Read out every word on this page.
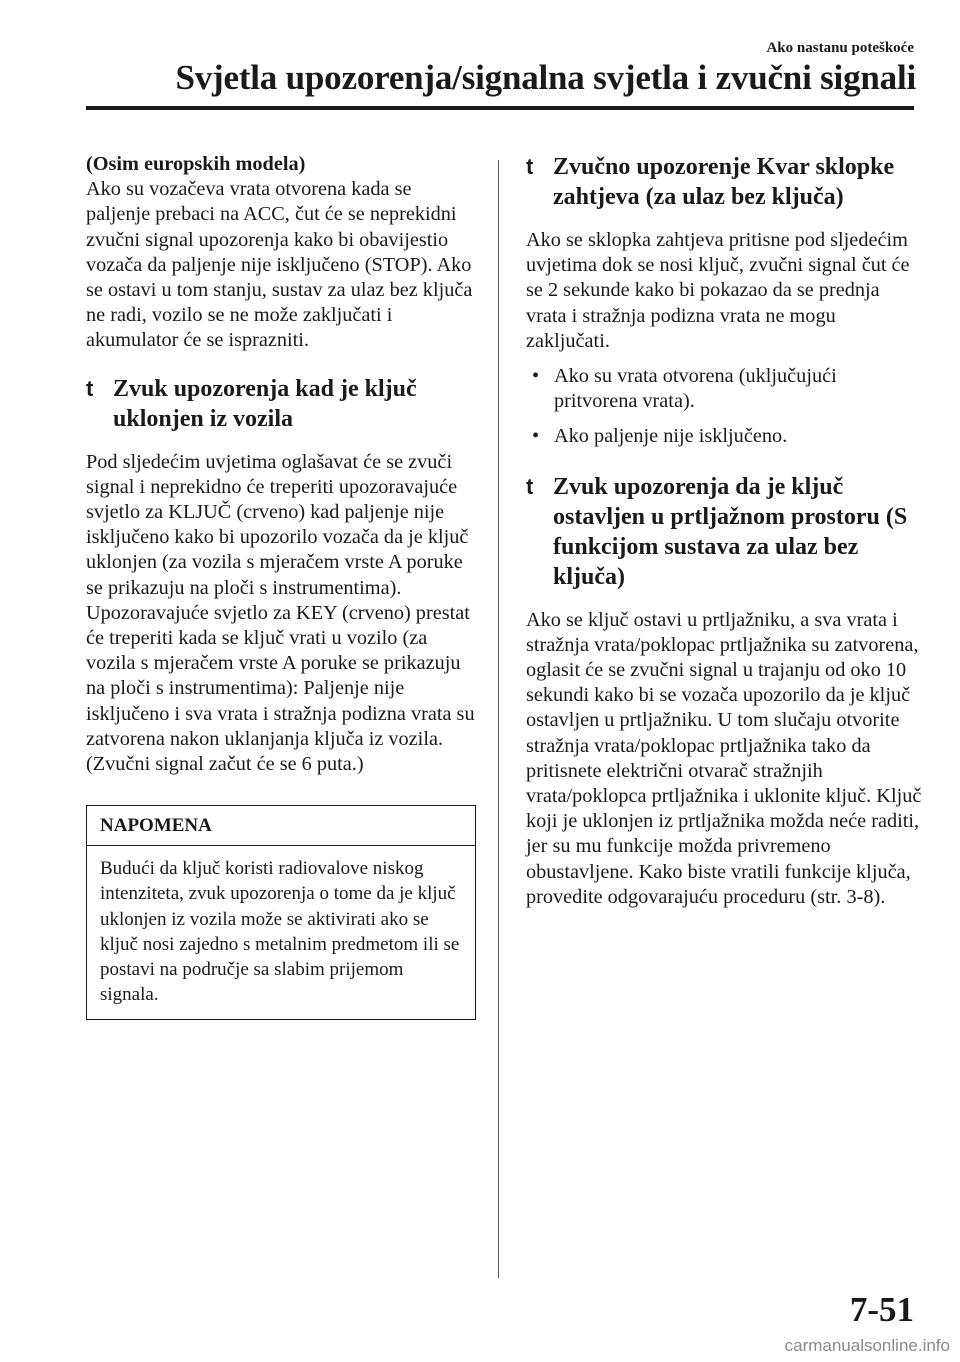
Ako nastanu poteškoće
Svjetla upozorenja/signalna svjetla i zvučni signali

(Osim europskih modela)
Ako su vozačeva vrata otvorena kada se paljenje prebaci na ACC, čut će se neprekidni zvučni signal upozorenja kako bi obavijestio vozača da paljenje nije isključeno (STOP). Ako se ostavi u tom stanju, sustav za ulaz bez ključa ne radi, vozilo se ne može zaključati i akumulator će se isprazniti.

t Zvuk upozorenja kad je ključ uklonjen iz vozila

Pod sljedećim uvjetima oglašavat će se zvuči signal i neprekidno će treperiti upozoravajuće svjetlo za KLJUČ (crveno) kad paljenje nije isključeno kako bi upozorilo vozača da je ključ uklonjen (za vozila s mjeračem vrste A poruke se prikazuju na ploči s instrumentima). Upozoravajuće svjetlo za KEY (crveno) prestat će treperiti kada se ključ vrati u vozilo (za vozila s mjeračem vrste A poruke se prikazuju na ploči s instrumentima): Paljenje nije isključeno i sva vrata i stražnja podizna vrata su zatvorena nakon uklanjanja ključa iz vozila. (Zvučni signal začut će se 6 puta.)

NAPOMENA
Budući da ključ koristi radiovalove niskog intenziteta, zvuk upozorenja o tome da je ključ uklonjen iz vozila može se aktivirati ako se ključ nosi zajedno s metalnim predmetom ili se postavi na područje sa slabim prijemom signala.
t Zvučno upozorenje Kvar sklopke zahtjeva (za ulaz bez ključa)

Ako se sklopka zahtjeva pritisne pod sljedećim uvjetima dok se nosi ključ, zvučni signal čut će se 2 sekunde kako bi pokazao da se prednja vrata i stražnja podizna vrata ne mogu zaključati.

• Ako su vrata otvorena (uključujući pritvorena vrata).
• Ako paljenje nije isključeno.
t Zvuk upozorenja da je ključ ostavljen u prtljažnom prostoru (S funkcijom sustava za ulaz bez ključa)

Ako se ključ ostavi u prtljažniku, a sva vrata i stražnja vrata/poklopac prtljažnika su zatvorena, oglasit će se zvučni signal u trajanju od oko 10 sekundi kako bi se vozača upozorilo da je ključ ostavljen u prtljažniku. U tom slučaju otvorite stražnja vrata/poklopac prtljažnika tako da pritisnete električni otvarač stražnjih vrata/poklopca prtljažnika i uklonite ključ. Ključ koji je uklonjen iz prtljažnika možda neće raditi, jer su mu funkcije možda privremeno obustavljene. Kako biste vratili funkcije ključa, provedite odgovarajuću proceduru (str. 3-8).

7-51
carmanualsonline.info
